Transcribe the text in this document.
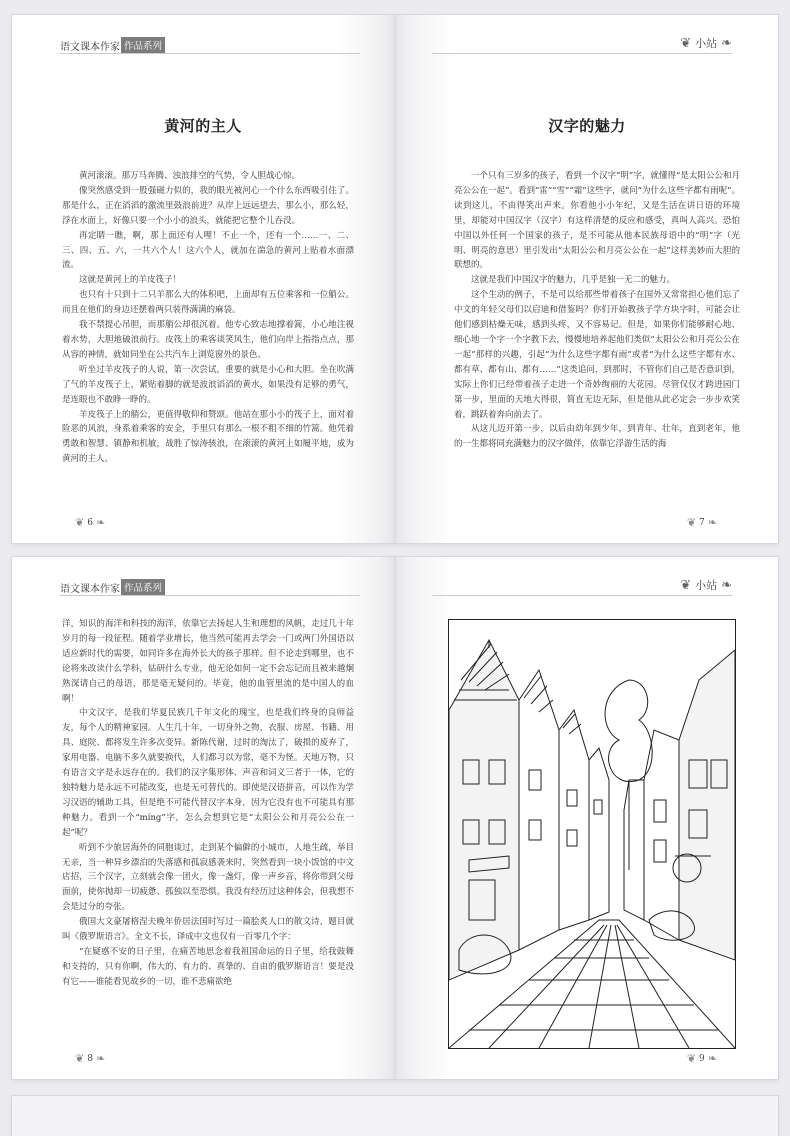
语文课本作家 作品系列
黄河的主人

黄河滚滚。那万马奔腾、浊浪排空的气势，令人胆战心惊。

像突然感受到一股强磁力似的，我的眼光被河心一个什么东西吸引住了。那是什么，正在滔滔的激流里鼓浪前进？从岸上远远望去，那么小，那么轻，浮在水面上，好像只要一个小小的浪头，就能把它整个儿吞没。

再定睛一瞧，啊，那上面还有人哩！不止一个，还有一个……一、二、三、四、五、六，一共六个人！这六个人，就加在湍急的黄河上贴着水面漂流。

这就是黄河上的羊皮筏子！

也只有十只到十二只羊那么大的体积吧，上面却有五位乘客和一位艄公。而且在他们的身边还摆着两只装得满满的麻袋。

我不禁提心吊胆，而那艄公却很沉着。他专心致志地撑着篙，小心地注视着水势，大胆地破浪前行。皮筏上的乘客谈笑风生，他们向岸上指指点点，那从容的神情，就如同坐在公共汽车上浏览窗外的景色。

听坐过羊皮筏子的人说，第一次尝试，重要的就是小心和大胆。坐在吹满了气的羊皮筏子上，紧贴着脚的就是波浪滔滔的黄水，如果没有足够的勇气，是连眼也不敢睁一睁的。

羊皮筏子上的艄公，更值得敬仰和赞颂。他站在那小小的筏子上，面对着险恶的风浪，身系着乘客的安全，手里只有那么一根不粗不细的竹篙。他凭着勇敢和智慧、镇静和机敏，战胜了惊涛骇浪，在滚滚的黄河上如履平地，成为黄河的主人。

❦ 6 ❧
❦ 小站 ❧
汉字的魅力

一个只有三岁多的孩子，看到一个汉字“明”字，就懂得“是太阳公公和月亮公公在一起”。看到“雷”“雪”“霜”这些字，就问“为什么这些字都有雨呢”。读到这儿，不由得笑出声来。你看他小小年纪，又是生活在讲日语的环境里，却能对中国汉字（汉字）有这样清楚的反应和感受，真叫人高兴。恐怕中国以外任何一个国家的孩子，是不可能从他本民族母语中的“明”字（光明、明亮的意思）里引发出“太阳公公和月亮公公在一起”这样美妙而大胆的联想的。

这就是我们中国汉字的魅力，几乎是独一无二的魅力。

这个生动的例子，不是可以给那些带着孩子在国外又常常担心他们忘了中文的年轻父母们以启迪和借鉴吗？你们开始教孩子学方块字时，可能会让他们感到枯燥无味，感到头疼，又不容易记。但是，如果你们能够耐心地、细心地一个字一个字教下去，慢慢地培养起他们类似“太阳公公和月亮公公在一起”那样的兴趣，引起“为什么这些字都有雨”或者“为什么这些字都有水、都有草、都有山、都有……”这类追问，到那时，不管你们自己是否意识到，实际上你们已经带着孩子走进一个奇妙绚丽的大花园。尽管仅仅才跨进园门第一步，里面的天地大得很，简直无边无际，但是他从此必定会一步步欢笑着，跳跃着奔向前去了。

从这儿迈开第一步，以后由幼年到少年，到青年、壮年，直到老年，他的一生都将同充满魅力的汉字做伴，依靠它浮游生活的海

❦ 7 ❧
语文课本作家 作品系列

洋，知识的海洋和科技的海洋，依靠它去扬起人生和理想的风帆，走过几十年岁月的每一段征程。随着学业增长，他当然可能再去学会一门或两门外国语以适应新时代的需要，如同许多在海外长大的孩子那样。但不论走到哪里，也不论将来改读什么学科，钻研什么专业，他无论如何一定不会忘记而且被来越炯熟深请自己的母语，那是毫无疑问的。毕竟，他的血管里流的是中国人的血啊！

中文汉字，是我们华夏民族几千年文化的瑰宝，也是我们终身的良师益友，每个人的精神家园。人生几十年，一切身外之物，衣服、房屋、书籍、用具、庭院、都将发生许多次变异。新陈代谢，过时的淘汰了，破损的废弃了，家用电器、电脑不多久就要换代，人们都习以为常，毫不为怪。天地万物，只有语言文字是永远存在的。我们的汉字集形体、声音和词义三者于一体，它的独特魅力是永远不可能改变，也是无可替代的。即使是汉语拼音，可以作为学习汉语的辅助工具，但是绝不可能代替汉字本身，因为它没有也不可能具有那种魅力。看到一个“míng”字，怎么会想到它是“太阳公公和月亮公公在一起”呢？

听到不少旅居海外的同胞谈过，走到某个偏僻的小城市，人地生疏，举目无亲，当一种异乡漂泊的失落感和孤寂感袭来时，突然看到一块小饭馆的中文店招，三个汉字，立刻就会像一团火，像一盏灯，像一声乡音，将你带到父母面前，使你抛却一切疲惫、孤独以至恐惧。我没有经历过这种体会，但我想不会是过分的夸张。

俄国大文豪屠格涅夫晚年侨居法国时写过一篇脍炙人口的散文诗，题目就叫《俄罗斯语言》。全文不长，译成中文也仅有一百零几个字：

“在疑惑不安的日子里，在痛苦地思念着我祖国命运的日子里，给我鼓舞和支持的，只有你啊，伟大的、有力的、真挚的、自由的俄罗斯语言！要是没有它——谁能看见故乡的一切，谁不悲痛欲绝

❦ 8 ❧
❦ 小站 ❧
❦ 9 ❧
